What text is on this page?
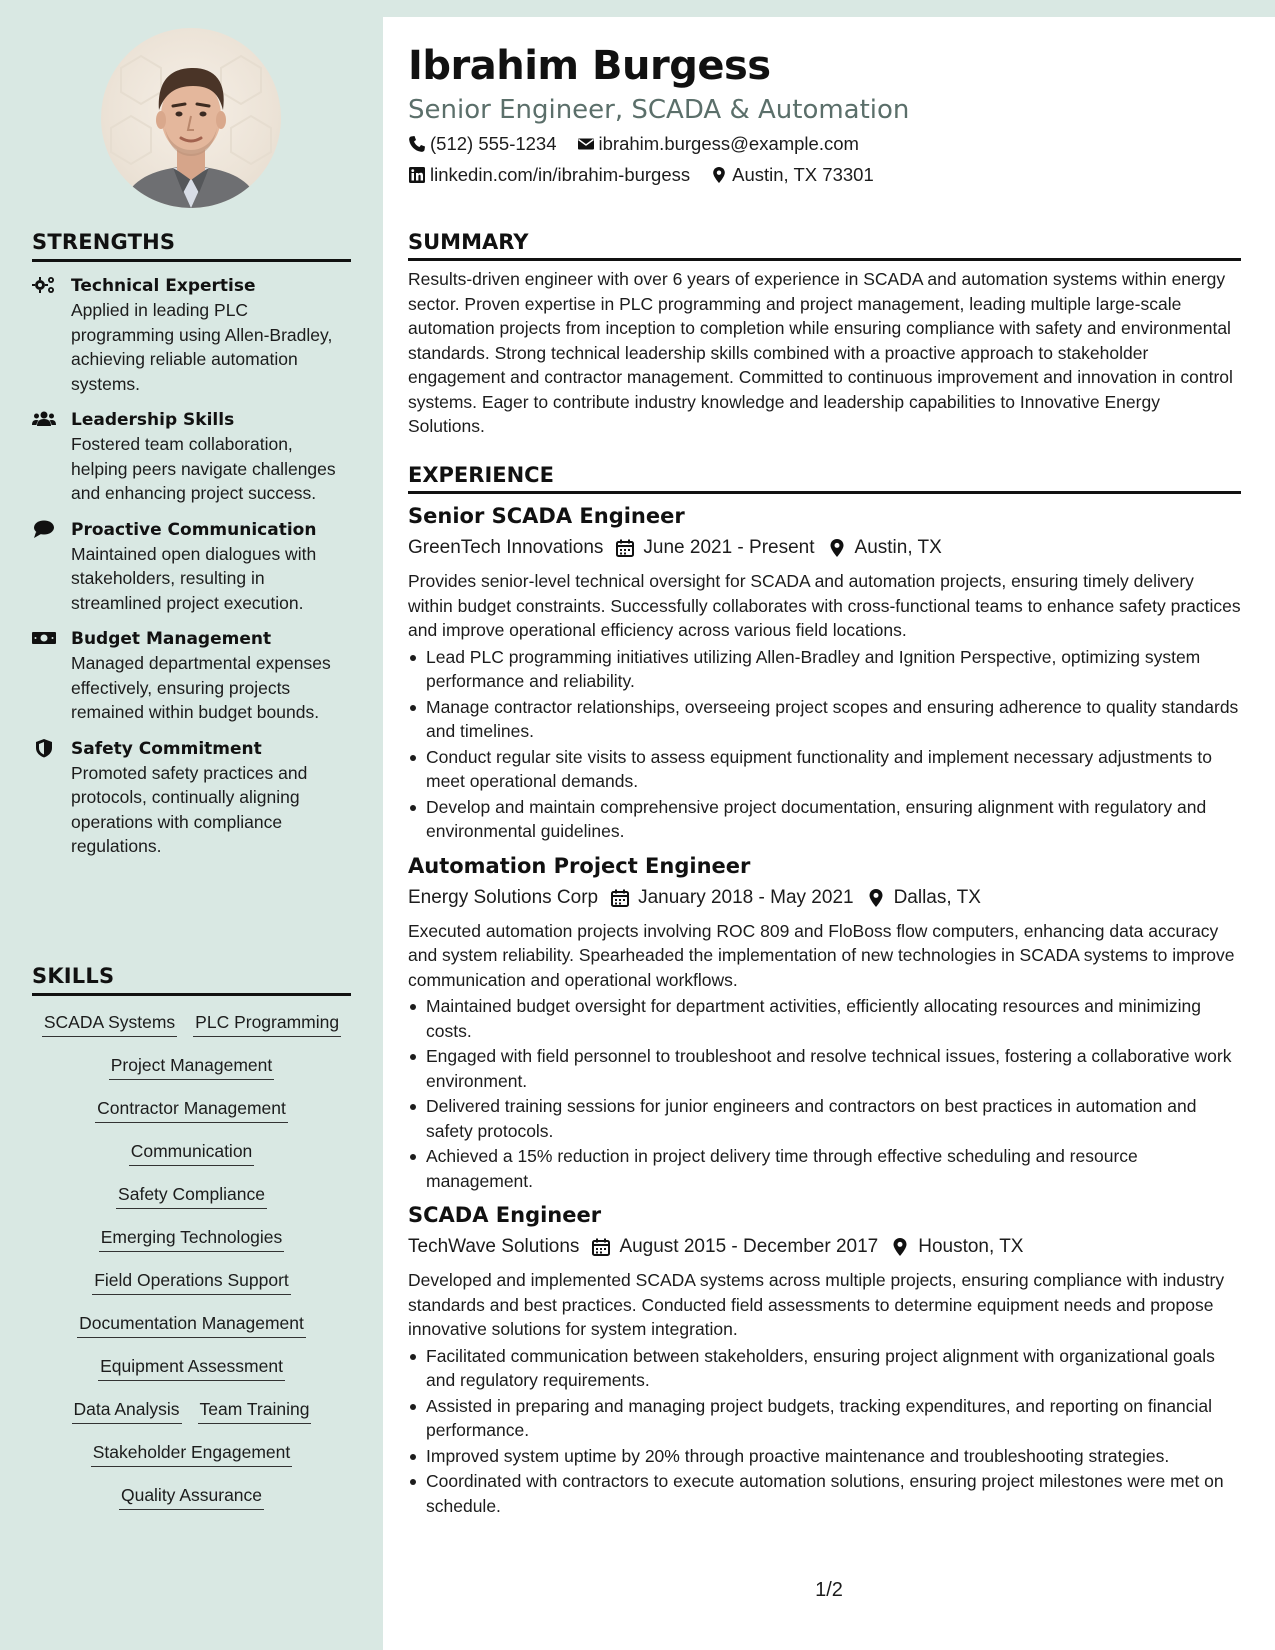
STRENGTHS
Technical Expertise
Applied in leading PLC programming using Allen-Bradley, achieving reliable automation systems.
Leadership Skills
Fostered team collaboration, helping peers navigate challenges and enhancing project success.
Proactive Communication
Maintained open dialogues with stakeholders, resulting in streamlined project execution.
Budget Management
Managed departmental expenses effectively, ensuring projects remained within budget bounds.
Safety Commitment
Promoted safety practices and protocols, continually aligning operations with compliance regulations.
SKILLS
SCADA Systems PLC Programming
Project Management
Contractor Management
Communication
Safety Compliance
Emerging Technologies
Field Operations Support
Documentation Management
Equipment Assessment
Data Analysis Team Training
Stakeholder Engagement
Quality Assurance
Ibrahim Burgess
Senior Engineer, SCADA & Automation
(512) 555-1234 ibrahim.burgess@example.com
linkedin.com/in/ibrahim-burgess Austin, TX 73301
SUMMARY
Results-driven engineer with over 6 years of experience in SCADA and automation systems within energy sector. Proven expertise in PLC programming and project management, leading multiple large-scale automation projects from inception to completion while ensuring compliance with safety and environmental standards. Strong technical leadership skills combined with a proactive approach to stakeholder engagement and contractor management. Committed to continuous improvement and innovation in control systems. Eager to contribute industry knowledge and leadership capabilities to Innovative Energy Solutions.
EXPERIENCE
Senior SCADA Engineer
GreenTech Innovations June 2021 - Present Austin, TX
Provides senior-level technical oversight for SCADA and automation projects, ensuring timely delivery within budget constraints. Successfully collaborates with cross-functional teams to enhance safety practices and improve operational efficiency across various field locations.
Lead PLC programming initiatives utilizing Allen-Bradley and Ignition Perspective, optimizing system performance and reliability.
Manage contractor relationships, overseeing project scopes and ensuring adherence to quality standards and timelines.
Conduct regular site visits to assess equipment functionality and implement necessary adjustments to meet operational demands.
Develop and maintain comprehensive project documentation, ensuring alignment with regulatory and environmental guidelines.
Automation Project Engineer
Energy Solutions Corp January 2018 - May 2021 Dallas, TX
Executed automation projects involving ROC 809 and FloBoss flow computers, enhancing data accuracy and system reliability. Spearheaded the implementation of new technologies in SCADA systems to improve communication and operational workflows.
Maintained budget oversight for department activities, efficiently allocating resources and minimizing costs.
Engaged with field personnel to troubleshoot and resolve technical issues, fostering a collaborative work environment.
Delivered training sessions for junior engineers and contractors on best practices in automation and safety protocols.
Achieved a 15% reduction in project delivery time through effective scheduling and resource management.
SCADA Engineer
TechWave Solutions August 2015 - December 2017 Houston, TX
Developed and implemented SCADA systems across multiple projects, ensuring compliance with industry standards and best practices. Conducted field assessments to determine equipment needs and propose innovative solutions for system integration.
Facilitated communication between stakeholders, ensuring project alignment with organizational goals and regulatory requirements.
Assisted in preparing and managing project budgets, tracking expenditures, and reporting on financial performance.
Improved system uptime by 20% through proactive maintenance and troubleshooting strategies.
Coordinated with contractors to execute automation solutions, ensuring project milestones were met on schedule.
1/2
